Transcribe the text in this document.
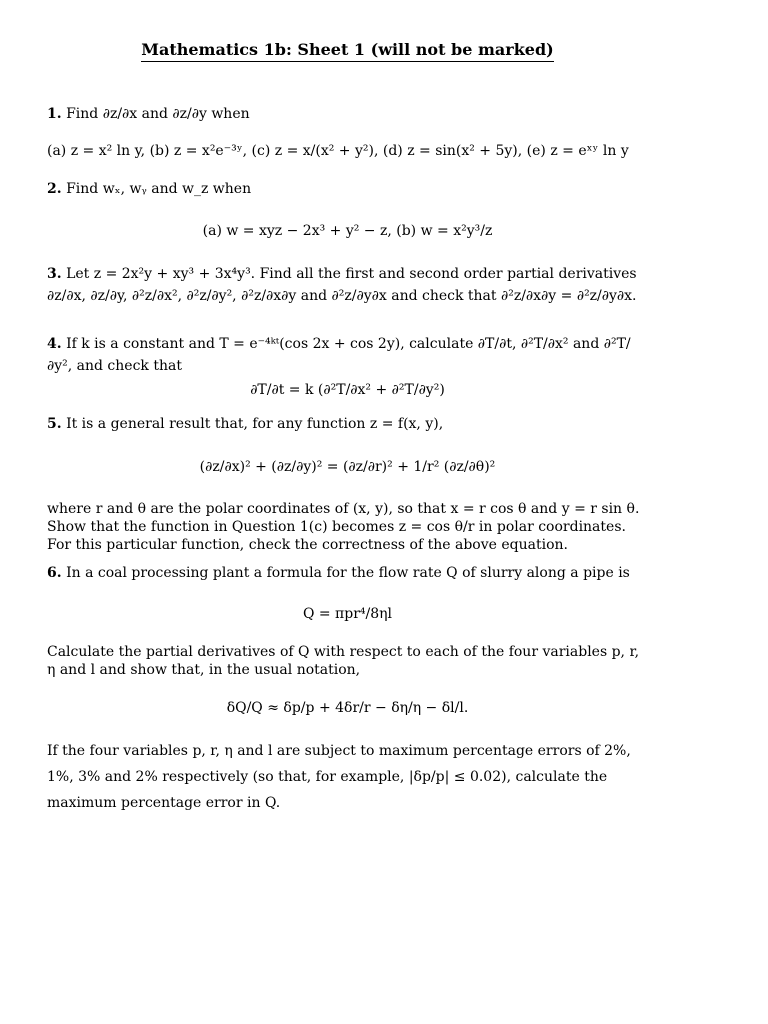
Mathematics 1b: Sheet 1 (will not be marked)
1. Find ∂z/∂x and ∂z/∂y when
(a) z = x² ln y, (b) z = x²e⁻³ʸ, (c) z = x/(x² + y²), (d) z = sin(x² + 5y), (e) z = eˣʸ ln y
2. Find wₓ, wᵧ and w_z when
(a) w = xyz − 2x³ + y² − z, (b) w = x²y³/z
3. Let z = 2x²y + xy³ + 3x⁴y³. Find all the first and second order partial derivatives ∂z/∂x, ∂z/∂y, ∂²z/∂x², ∂²z/∂y², ∂²z/∂x∂y and ∂²z/∂y∂x and check that ∂²z/∂x∂y = ∂²z/∂y∂x.
4. If k is a constant and T = e⁻⁴ᵏᵗ(cos 2x + cos 2y), calculate ∂T/∂t, ∂²T/∂x² and ∂²T/∂y², and check that
∂T/∂t = k (∂²T/∂x² + ∂²T/∂y²)
5. It is a general result that, for any function z = f(x, y),
(∂z/∂x)² + (∂z/∂y)² = (∂z/∂r)² + 1/r² (∂z/∂θ)²
where r and θ are the polar coordinates of (x, y), so that x = r cos θ and y = r sin θ. Show that the function in Question 1(c) becomes z = cos θ/r in polar coordinates. For this particular function, check the correctness of the above equation.
6. In a coal processing plant a formula for the flow rate Q of slurry along a pipe is
Q = πpr⁴/8ηl
Calculate the partial derivatives of Q with respect to each of the four variables p, r, η and l and show that, in the usual notation,
δQ/Q ≈ δp/p + 4δr/r − δη/η − δl/l.
If the four variables p, r, η and l are subject to maximum percentage errors of 2%, 1%, 3% and 2% respectively (so that, for example, |δp/p| ≤ 0.02), calculate the maximum percentage error in Q.
